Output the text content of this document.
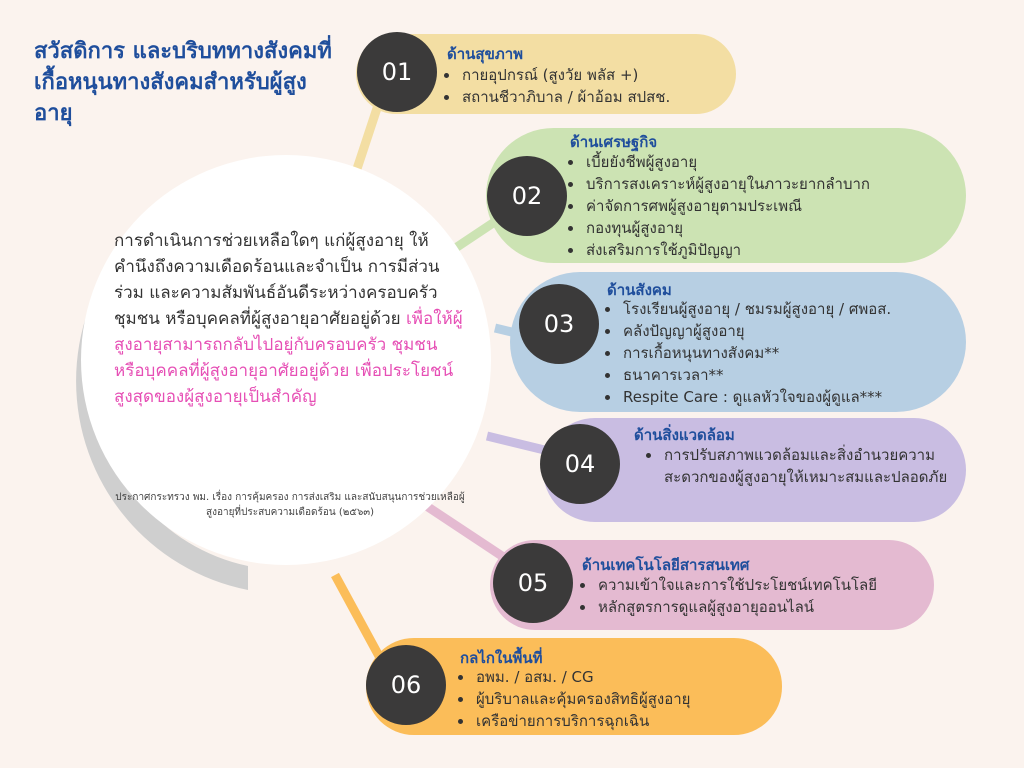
สวัสดิการ และบริบททางสังคมที่เกื้อหนุนทางสังคมสำหรับผู้สูงอายุ
การดำเนินการช่วยเหลือใดๆ แก่ผู้สูงอายุ ให้คำนึงถึงความเดือดร้อนและจำเป็น การมีส่วนร่วม และความสัมพันธ์อันดีระหว่างครอบครัว ชุมชน หรือบุคคลที่ผู้สูงอายุอาศัยอยู่ด้วย เพื่อให้ผู้สูงอายุสามารถกลับไปอยู่กับครอบครัว ชุมชน หรือบุคคลที่ผู้สูงอายุอาศัยอยู่ด้วย เพื่อประโยชน์สูงสุดของผู้สูงอายุเป็นสำคัญ
ประกาศกระทรวง พม. เรื่อง การคุ้มครอง การส่งเสริม และสนับสนุนการช่วยเหลือผู้สูงอายุที่ประสบความเดือดร้อน (๒๕๖๓)
01
ด้านสุขภาพ
• กายอุปกรณ์ (สูงวัย พลัส +)
• สถานชีวาภิบาล / ผ้าอ้อม สปสช.
02
ด้านเศรษฐกิจ
• เบี้ยยังชีพผู้สูงอายุ
• บริการสงเคราะห์ผู้สูงอายุในภาวะยากลำบาก
• ค่าจัดการศพผู้สูงอายุตามประเพณี
• กองทุนผู้สูงอายุ
• ส่งเสริมการใช้ภูมิปัญญา
03
ด้านสังคม
• โรงเรียนผู้สูงอายุ / ชมรมผู้สูงอายุ / ศพอส.
• คลังปัญญาผู้สูงอายุ
• การเกื้อหนุนทางสังคม**
• ธนาคารเวลา**
• Respite Care : ดูแลหัวใจของผู้ดูแล***
04
ด้านสิ่งแวดล้อม
• การปรับสภาพแวดล้อมและสิ่งอำนวยความสะดวกของผู้สูงอายุให้เหมาะสมและปลอดภัย
05
ด้านเทคโนโลยีสารสนเทศ
• ความเข้าใจและการใช้ประโยชน์เทคโนโลยี
• หลักสูตรการดูแลผู้สูงอายุออนไลน์
06
กลไกในพื้นที่
• อพม. / อสม. / CG
• ผู้บริบาลและคุ้มครองสิทธิผู้สูงอายุ
• เครือข่ายการบริการฉุกเฉิน
